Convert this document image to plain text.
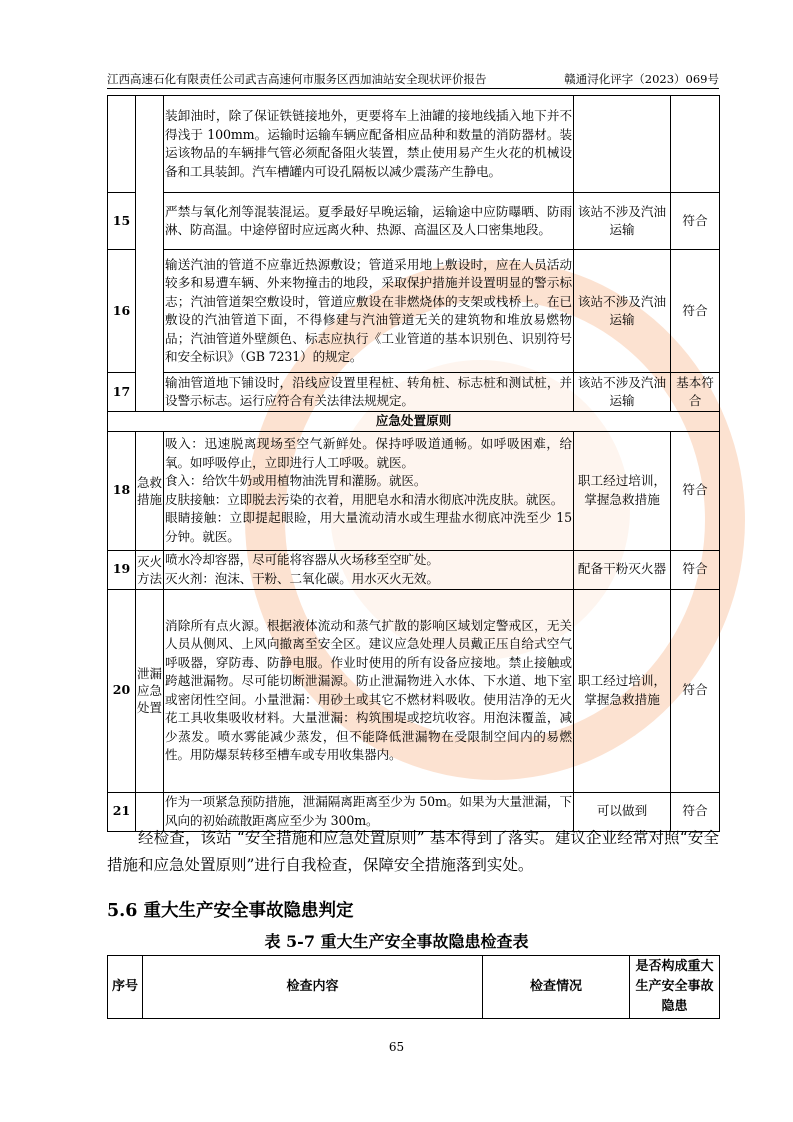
江西高速石化有限责任公司武吉高速何市服务区西加油站安全现状评价报告	赣通浔化评字（2023）069号
		装卸油时，除了保证铁链接地外，更要将车上油罐的接地线插入地下并不得浅于 100mm。运输时运输车辆应配备相应品种和数量的消防器材。装运该物品的车辆排气管必须配备阻火装置，禁止使用易产生火花的机械设备和工具装卸。汽车槽罐内可设孔隔板以减少震荡产生静电。		
15		严禁与氧化剂等混装混运。夏季最好早晚运输，运输途中应防曝晒、防雨淋、防高温。中途停留时应远离火种、热源、高温区及人口密集地段。	该站不涉及汽油运输	符合
16		输送汽油的管道不应靠近热源敷设；管道采用地上敷设时，应在人员活动较多和易遭车辆、外来物撞击的地段，采取保护措施并设置明显的警示标志；汽油管道架空敷设时，管道应敷设在非燃烧体的支架或栈桥上。在已敷设的汽油管道下面，不得修建与汽油管道无关的建筑物和堆放易燃物品；汽油管道外壁颜色、标志应执行《工业管道的基本识别色、识别符号和安全标识》（GB 7231）的规定。	该站不涉及汽油运输	符合
17		输油管道地下铺设时，沿线应设置里程桩、转角桩、标志桩和测试桩，并设警示标志。运行应符合有关法律法规规定。	该站不涉及汽油运输	基本符合
应急处置原则				
18	急救措施	吸入：迅速脱离现场至空气新鲜处。保持呼吸道通畅。如呼吸困难，给氧。如呼吸停止，立即进行人工呼吸。就医。
食入：给饮牛奶或用植物油洗胃和灌肠。就医。
皮肤接触：立即脱去污染的衣着，用肥皂水和清水彻底冲洗皮肤。就医。
眼睛接触：立即提起眼睑，用大量流动清水或生理盐水彻底冲洗至少 15 分钟。就医。	职工经过培训，掌握急救措施	符合
19	灭火方法	喷水冷却容器，尽可能将容器从火场移至空旷处。
灭火剂：泡沫、干粉、二氧化碳。用水灭火无效。	配备干粉灭火器	符合
20	泄漏应急处置	消除所有点火源。根据液体流动和蒸气扩散的影响区域划定警戒区，无关人员从侧风、上风向撤离至安全区。建议应急处理人员戴正压自给式空气呼吸器，穿防毒、防静电服。作业时使用的所有设备应接地。禁止接触或跨越泄漏物。尽可能切断泄漏源。防止泄漏物进入水体、下水道、地下室或密闭性空间。小量泄漏：用砂土或其它不燃材料吸收。使用洁净的无火花工具收集吸收材料。大量泄漏：构筑围堤或挖坑收容。用泡沫覆盖，减少蒸发。喷水雾能减少蒸发，但不能降低泄漏物在受限制空间内的易燃性。用防爆泵转移至槽车或专用收集器内。	职工经过培训，掌握急救措施	符合
21		作为一项紧急预防措施，泄漏隔离距离至少为 50m。如果为大量泄漏，下风向的初始疏散距离应至少为 300m。	可以做到	符合

经检查，该站 “安全措施和应急处置原则” 基本得到了落实。建议企业经常对照“安全措施和应急处置原则”进行自我检查，保障安全措施落到实处。

5.6 重大生产安全事故隐患判定

表 5-7 重大生产安全事故隐患检查表

序号	检查内容	检查情况	是否构成重大生产安全事故隐患
65
